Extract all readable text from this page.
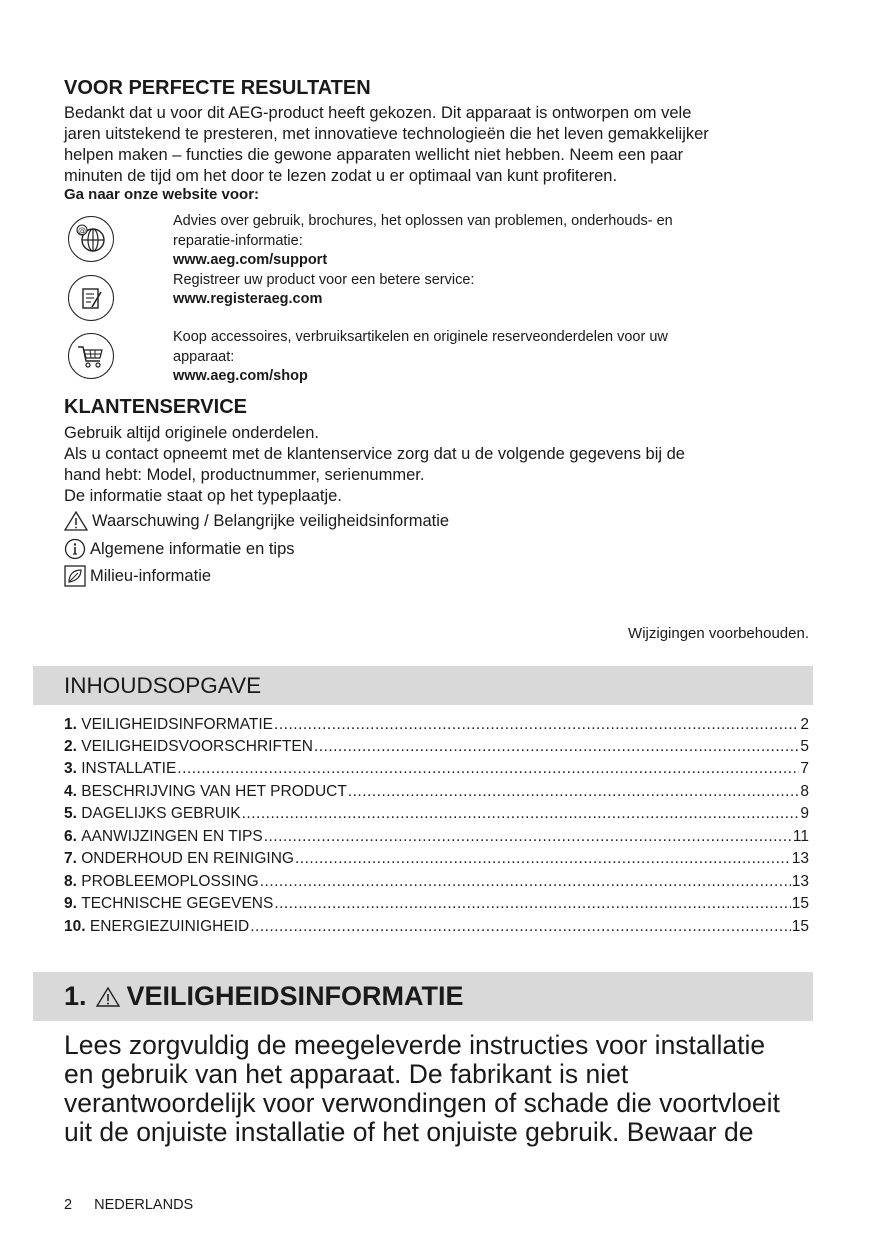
VOOR PERFECTE RESULTATEN
Bedankt dat u voor dit AEG-product heeft gekozen. Dit apparaat is ontworpen om vele
jaren uitstekend te presteren, met innovatieve technologieën die het leven gemakkelijker
helpen maken – functies die gewone apparaten wellicht niet hebben. Neem een paar
minuten de tijd om het door te lezen zodat u er optimaal van kunt profiteren.
Ga naar onze website voor:
@
Advies over gebruik, brochures, het oplossen van problemen, onderhouds- en
reparatie-informatie:
www.aeg.com/support
Registreer uw product voor een betere service:
www.registeraeg.com
Koop accessoires, verbruiksartikelen en originele reserveonderdelen voor uw
apparaat:
www.aeg.com/shop
KLANTENSERVICE
Gebruik altijd originele onderdelen.
Als u contact opneemt met de klantenservice zorg dat u de volgende gegevens bij de
hand hebt: Model, productnummer, serienummer.
De informatie staat op het typeplaatje.
Waarschuwing / Belangrijke veiligheidsinformatie
Algemene informatie en tips
Milieu-informatie
Wijzigingen voorbehouden.
INHOUDSOPGAVE
1.
VEILIGHEIDSINFORMATIE .....	2
2.
VEILIGHEIDSVOORSCHRIFTEN .....	5
3.
INSTALLATIE .....	7
4.
BESCHRIJVING VAN HET PRODUCT .....	8
5.
DAGELIJKS GEBRUIK .....	9
6.
AANWIJZINGEN EN TIPS .....	11
7.
ONDERHOUD EN REINIGING .....	13
8.
PROBLEEMOPLOSSING .....	13
9.
TECHNISCHE GEGEVENS .....	15
10.
ENERGIEZUINIGHEID .....	15
1. VEILIGHEIDSINFORMATIE
Lees zorgvuldig de meegeleverde instructies voor installatie
en gebruik van het apparaat. De fabrikant is niet
verantwoordelijk voor verwondingen of schade die voortvloeit
uit de onjuiste installatie of het onjuiste gebruik. Bewaar de
2 NEDERLANDS
